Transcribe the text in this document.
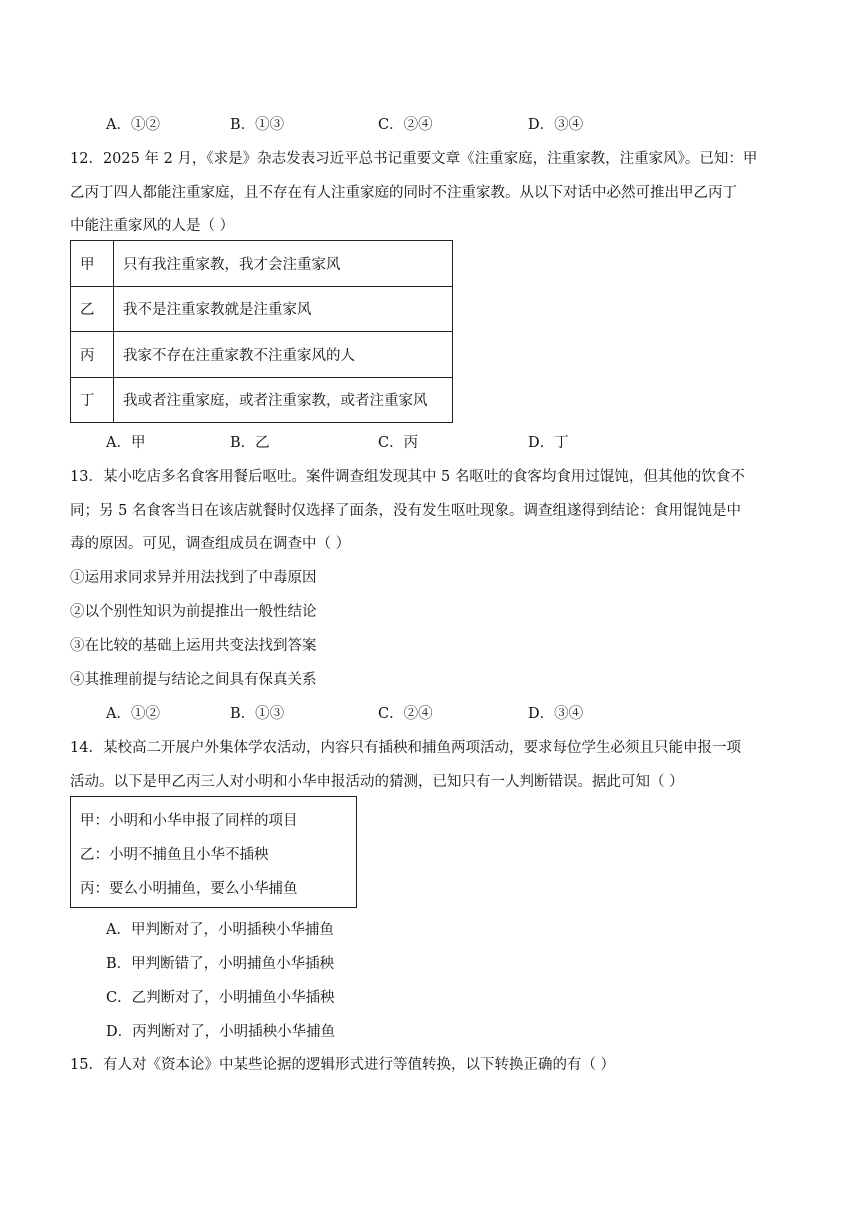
A．①②	B．①③	C．②④	D．③④
12．2025 年 2 月，《求是》杂志发表习近平总书记重要文章《注重家庭，注重家教，注重家风》。已知：甲
乙丙丁四人都能注重家庭，且不存在有人注重家庭的同时不注重家教。从以下对话中必然可推出甲乙丙丁
中能注重家风的人是（ ）
甲	只有我注重家教，我才会注重家风
乙	我不是注重家教就是注重家风
丙	我家不存在注重家教不注重家风的人
丁	我或者注重家庭，或者注重家教，或者注重家风
A．甲	B．乙	C．丙	D．丁
13．某小吃店多名食客用餐后呕吐。案件调查组发现其中 5 名呕吐的食客均食用过馄饨，但其他的饮食不
同；另 5 名食客当日在该店就餐时仅选择了面条，没有发生呕吐现象。调查组遂得到结论：食用馄饨是中
毒的原因。可见，调查组成员在调查中（ ）
①运用求同求异并用法找到了中毒原因
②以个别性知识为前提推出一般性结论
③在比较的基础上运用共变法找到答案
④其推理前提与结论之间具有保真关系
A．①②	B．①③	C．②④	D．③④
14．某校高二开展户外集体学农活动，内容只有插秧和捕鱼两项活动，要求每位学生必须且只能申报一项
活动。以下是甲乙丙三人对小明和小华申报活动的猜测，已知只有一人判断错误。据此可知（ ）
甲：小明和小华申报了同样的项目
乙：小明不捕鱼且小华不插秧
丙：要么小明捕鱼，要么小华捕鱼
A．甲判断对了，小明插秧小华捕鱼
B．甲判断错了，小明捕鱼小华插秧
C．乙判断对了，小明捕鱼小华插秧
D．丙判断对了，小明插秧小华捕鱼
15．有人对《资本论》中某些论据的逻辑形式进行等值转换，以下转换正确的有（ ）
